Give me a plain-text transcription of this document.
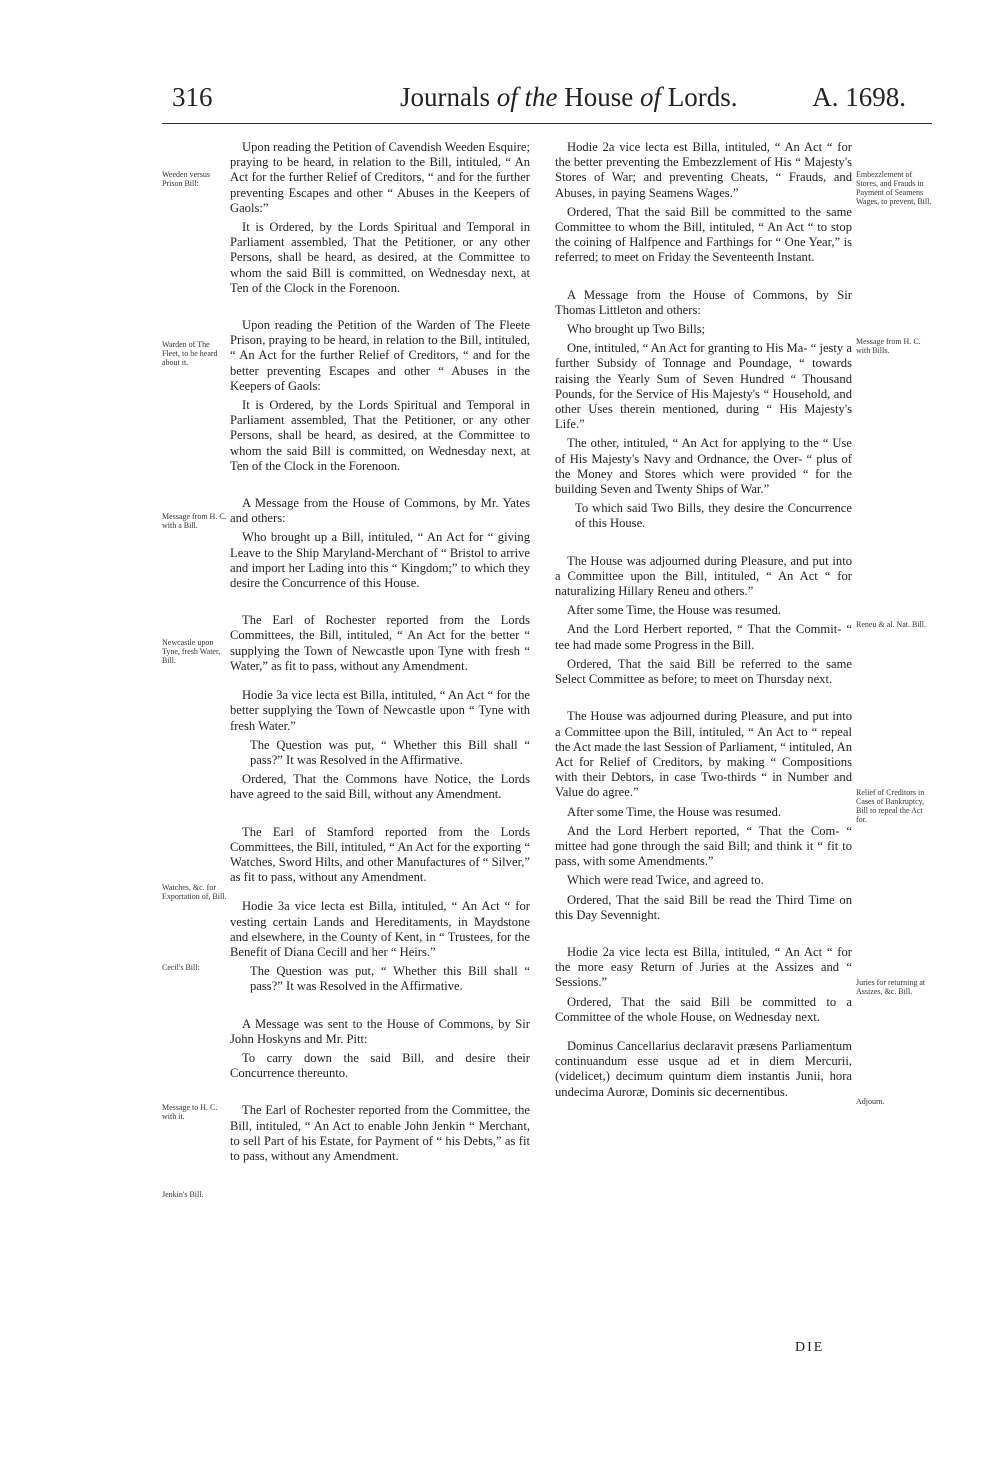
316	Journals of the House of Lords.	A. 1698.

Upon reading the Petition of Cavendish Weeden Esquire; praying to be heard, in relation to the Bill, intituled, “ An Act for the further Relief of Creditors, “ and for the further preventing Escapes and other “ Abuses in the Keepers of Gaols:”

It is Ordered, by the Lords Spiritual and Temporal in Parliament assembled, That the Petitioner, or any other Persons, shall be heard, as desired, at the Committee to whom the said Bill is committed, on Wednesday next, at Ten of the Clock in the Forenoon.

Upon reading the Petition of the Warden of The Fleete Prison, praying to be heard, in relation to the Bill, intituled, “ An Act for the further Relief of Creditors, “ and for the better preventing Escapes and other “ Abuses in the Keepers of Gaols:

It is Ordered, by the Lords Spiritual and Temporal in Parliament assembled, That the Petitioner, or any other Persons, shall be heard, as desired, at the Committee to whom the said Bill is committed, on Wednesday next, at Ten of the Clock in the Forenoon.

A Message from the House of Commons, by Mr. Yates and others:

Who brought up a Bill, intituled, “ An Act for “ giving Leave to the Ship Maryland-Merchant of “ Bristol to arrive and import her Lading into this “ Kingdom;” to which they desire the Concurrence of this House.

The Earl of Rochester reported from the Lords Committees, the Bill, intituled, “ An Act for the better “ supplying the Town of Newcastle upon Tyne with fresh “ Water,” as fit to pass, without any Amendment.

Hodie 3a vice lecta est Billa, intituled, “ An Act “ for the better supplying the Town of Newcastle upon “ Tyne with fresh Water.”

The Question was put, “ Whether this Bill shall “ pass?” It was Resolved in the Affirmative.

Ordered, That the Commons have Notice, the Lords have agreed to the said Bill, without any Amendment.

The Earl of Stamford reported from the Lords Committees, the Bill, intituled, “ An Act for the exporting “ Watches, Sword Hilts, and other Manufactures of “ Silver,” as fit to pass, without any Amendment.

Hodie 3a vice lecta est Billa, intituled, “ An Act “ for vesting certain Lands and Hereditaments, in Maydstone and elsewhere, in the County of Kent, in “ Trustees, for the Benefit of Diana Cecill and her “ Heirs.”

The Question was put, “ Whether this Bill shall “ pass?” It was Resolved in the Affirmative.

A Message was sent to the House of Commons, by Sir John Hoskyns and Mr. Pitt:

To carry down the said Bill, and desire their Concurrence thereunto.

The Earl of Rochester reported from the Committee, the Bill, intituled, “ An Act to enable John Jenkin “ Merchant, to sell Part of his Estate, for Payment of “ his Debts,” as fit to pass, without any Amendment.

Hodie 2a vice lecta est Billa, intituled, “ An Act “ for the better preventing the Embezzlement of His “ Majesty's Stores of War; and preventing Cheats, “ Frauds, and Abuses, in paying Seamens Wages.”

Ordered, That the said Bill be committed to the same Committee to whom the Bill, intituled, “ An Act “ to stop the coining of Halfpence and Farthings for “ One Year,” is referred; to meet on Friday the Seventeenth Instant.

A Message from the House of Commons, by Sir Thomas Littleton and others:

Who brought up Two Bills;

One, intituled, “ An Act for granting to His Ma- “ jesty a further Subsidy of Tonnage and Poundage, “ towards raising the Yearly Sum of Seven Hundred “ Thousand Pounds, for the Service of His Majesty's “ Household, and other Uses therein mentioned, during “ His Majesty's Life.”

The other, intituled, “ An Act for applying to the “ Use of His Majesty's Navy and Ordnance, the Over- “ plus of the Money and Stores which were provided “ for the building Seven and Twenty Ships of War.”

To which said Two Bills, they desire the Concurrence of this House.

The House was adjourned during Pleasure, and put into a Committee upon the Bill, intituled, “ An Act “ for naturalizing Hillary Reneu and others.”

After some Time, the House was resumed.

And the Lord Herbert reported, “ That the Commit- “ tee had made some Progress in the Bill.

Ordered, That the said Bill be referred to the same Select Committee as before; to meet on Thursday next.

The House was adjourned during Pleasure, and put into a Committee upon the Bill, intituled, “ An Act to “ repeal the Act made the last Session of Parliament, “ intituled, An Act for Relief of Creditors, by making “ Compositions with their Debtors, in case Two-thirds “ in Number and Value do agree.”

After some Time, the House was resumed.

And the Lord Herbert reported, “ That the Com- “ mittee had gone through the said Bill; and think it “ fit to pass, with some Amendments.”

Which were read Twice, and agreed to.

Ordered, That the said Bill be read the Third Time on this Day Sevennight.

Hodie 2a vice lecta est Billa, intituled, “ An Act “ for the more easy Return of Juries at the Assizes and “ Sessions.”

Ordered, That the said Bill be committed to a Committee of the whole House, on Wednesday next.

Dominus Cancellarius declaravit præsens Parliamentum continuandum esse usque ad et in diem Mercurii, (videlicet,) decimum quintum diem instantis Junii, hora undecima Auroræ, Dominis sic decernentibus.

Weeden versus Prison Bill:
Warden of The Fleet, to be heard about it.
Message from H. C. with a Bill.
Newcastle upon Tyne, fresh Water, Bill.
Watches, &c. for Exportation of, Bill.
Cecil's Bill:
Message to H. C. with it.
Jenkin's Bill.
Embezzlement of Stores, and Frauds in Payment of Seamens Wages, to prevent, Bill.
Message from H. C. with Bills.
Reneu & al. Nat. Bill.
Relief of Creditors in Cases of Bankruptcy, Bill to repeal the Act for.
Juries for returning at Assizes, &c. Bill.
Adjourn.
DIE
